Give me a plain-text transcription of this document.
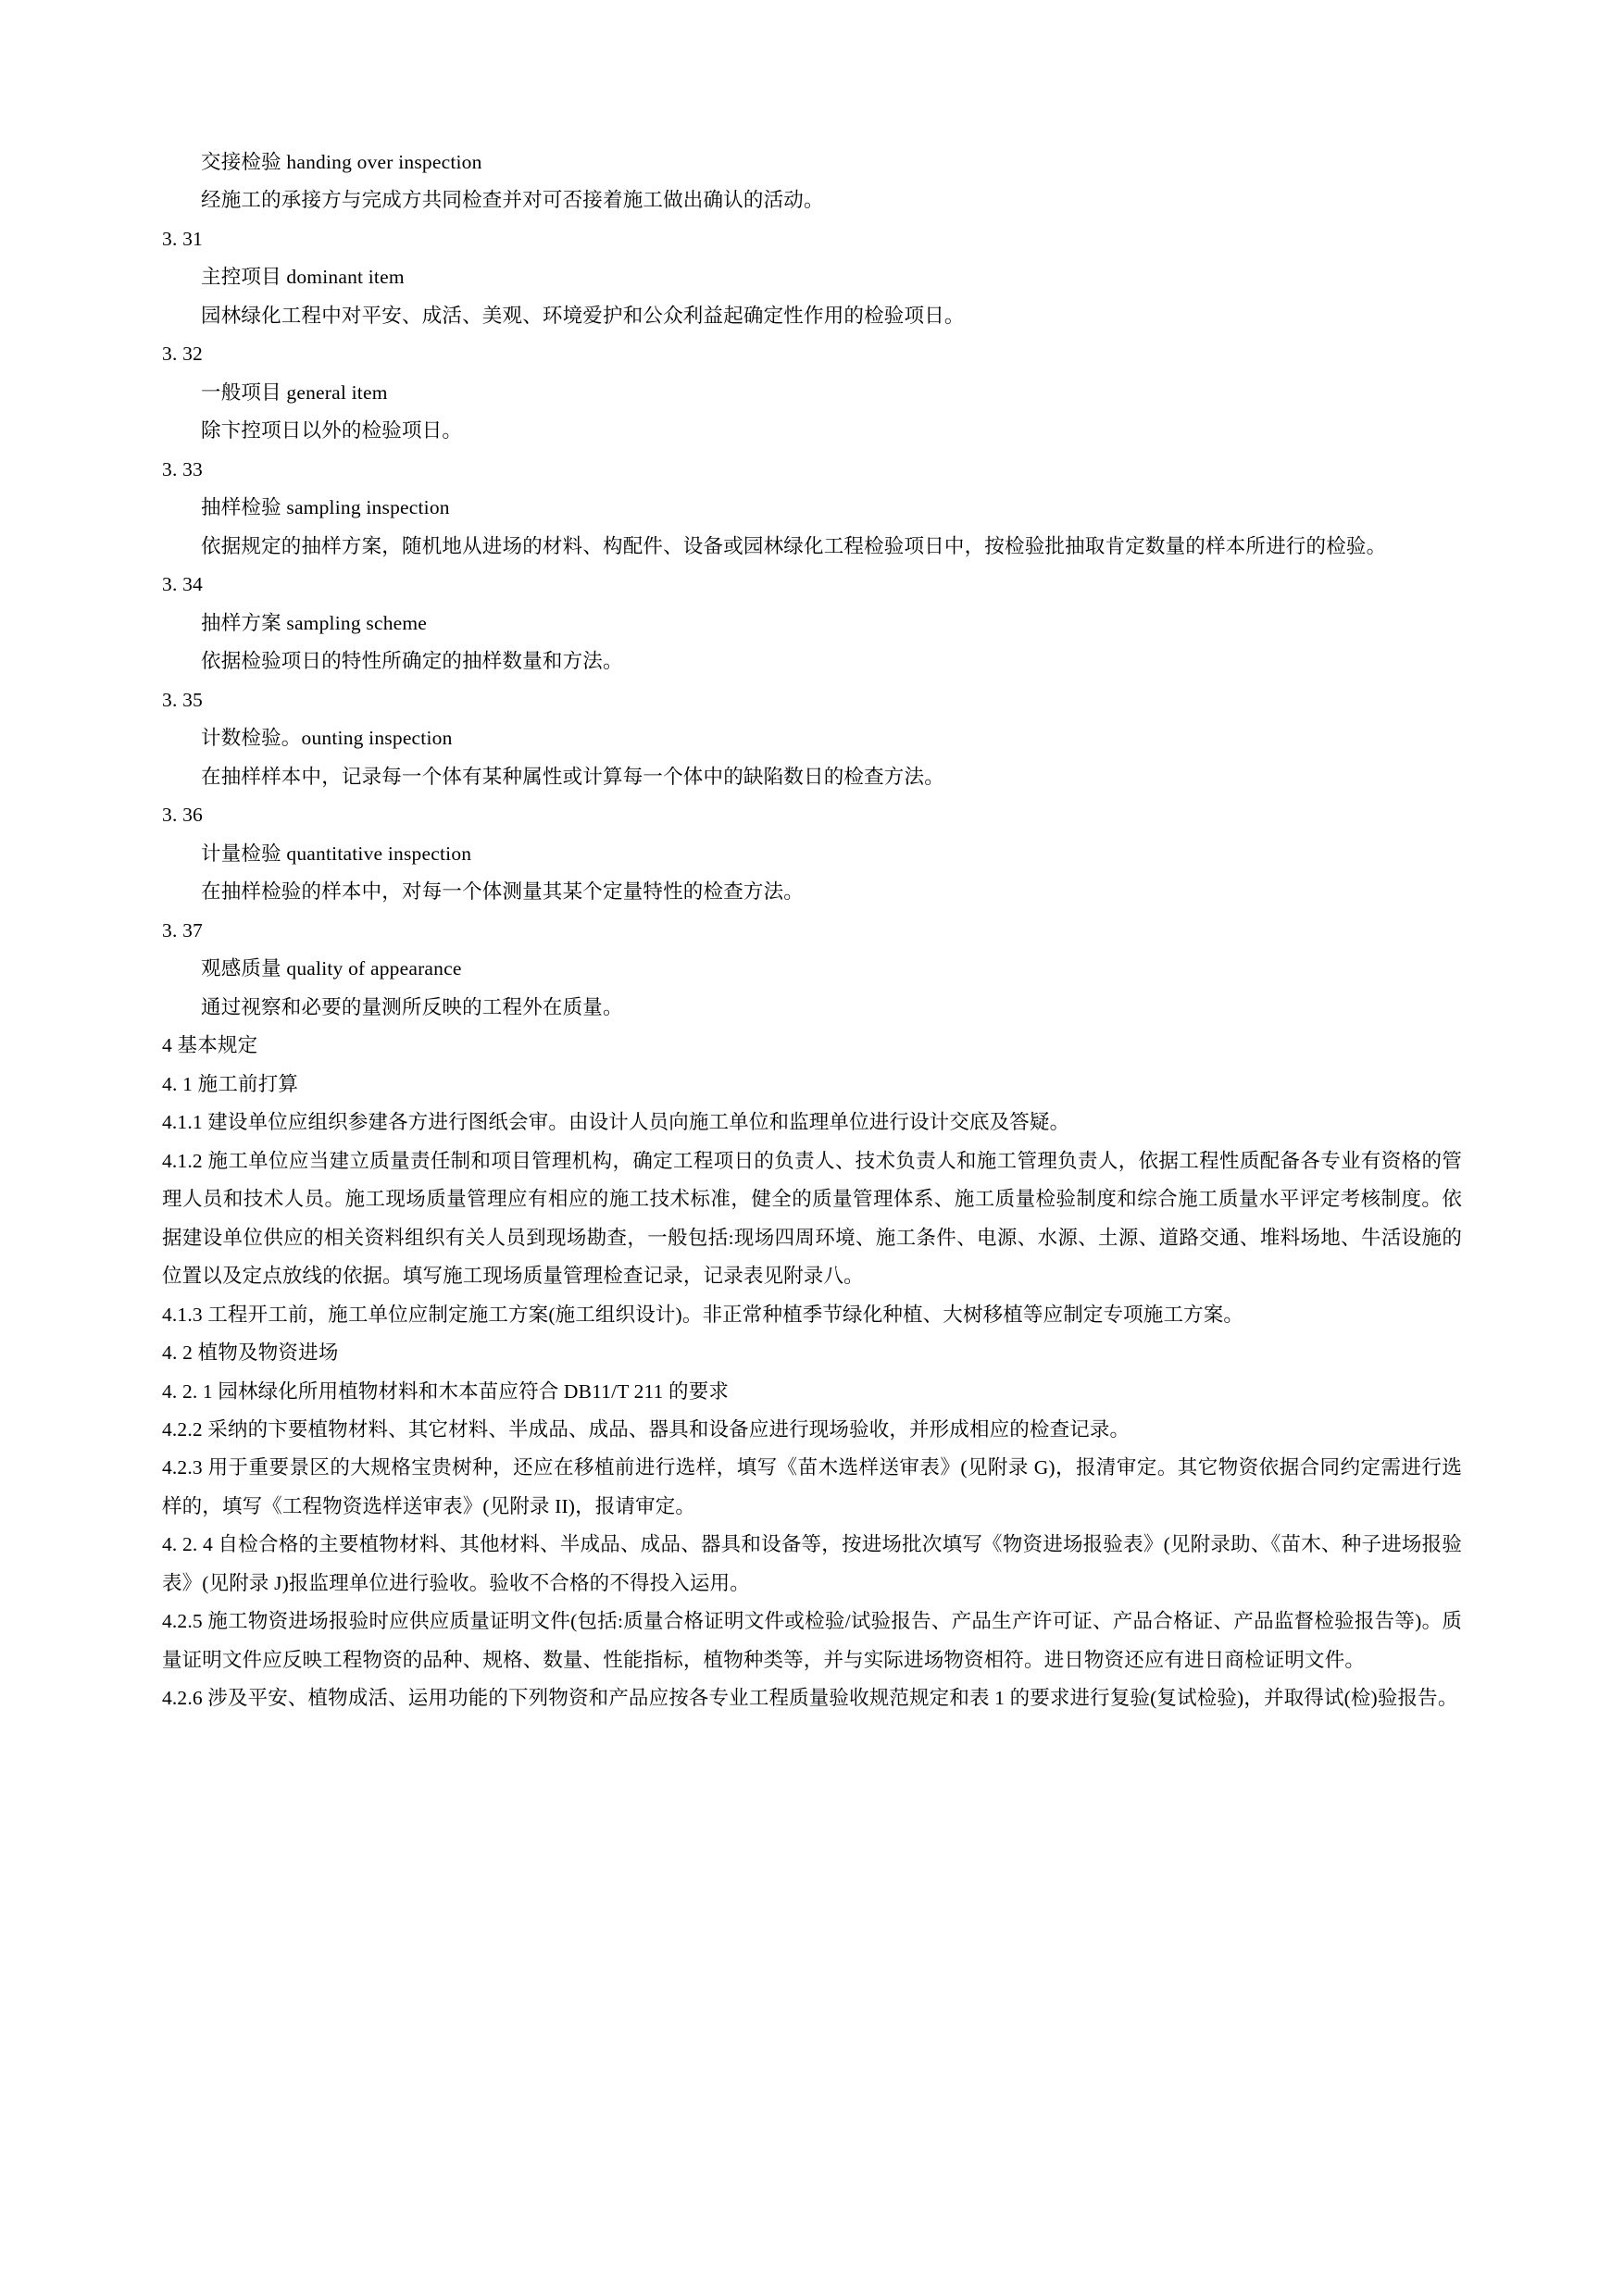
交接检验 handing over inspection

经施工的承接方与完成方共同检查并对可否接着施工做出确认的活动。

3. 31

主控项目 dominant item

园林绿化工程中对平安、成活、美观、环境爱护和公众利益起确定性作用的检验项日。

3. 32

一般项目 general item

除卞控项日以外的检验项日。

3. 33

抽样检验 sampling inspection

依据规定的抽样方案，随机地从进场的材料、构配件、设备或园林绿化工程检验项日中，按检验批抽取肯定数量的样本所进行的检验。

3. 34

抽样方案 sampling scheme

依据检验项日的特性所确定的抽样数量和方法。

3. 35

计数检验。ounting inspection

在抽样样本中，记录每一个体有某种属性或计算每一个体中的缺陷数日的检查方法。

3. 36

计量检验 quantitative inspection

在抽样检验的样本中，对每一个体测量其某个定量特性的检查方法。

3. 37

观感质量 quality of appearance

通过视察和必要的量测所反映的工程外在质量。

4 基本规定

4. 1 施工前打算

4.1.1 建设单位应组织参建各方进行图纸会审。由设计人员向施工单位和监理单位进行设计交底及答疑。

4.1.2 施工单位应当建立质量责任制和项目管理机构，确定工程项日的负责人、技术负责人和施工管理负责人，依据工程性质配备各专业有资格的管理人员和技术人员。施工现场质量管理应有相应的施工技术标准，健全的质量管理体系、施工质量检验制度和综合施工质量水平评定考核制度。依据建设单位供应的相关资料组织有关人员到现场勘查，一般包括:现场四周环境、施工条件、电源、水源、土源、道路交通、堆料场地、牛活设施的位置以及定点放线的依据。填写施工现场质量管理检查记录，记录表见附录八。

4.1.3 工程开工前，施工单位应制定施工方案(施工组织设计)。非正常种植季节绿化种植、大树移植等应制定专项施工方案。

4. 2 植物及物资进场

4. 2. 1 园林绿化所用植物材料和木本苗应符合 DB11/T 211 的要求

4.2.2 采纳的卞要植物材料、其它材料、半成品、成品、器具和设备应进行现场验收，并形成相应的检查记录。

4.2.3 用于重要景区的大规格宝贵树种，还应在移植前进行选样，填写《苗木选样送审表》(见附录 G)，报清审定。其它物资依据合同约定需进行选样的，填写《工程物资选样送审表》(见附录 II)，报请审定。

4. 2. 4 自检合格的主要植物材料、其他材料、半成品、成品、器具和设备等，按进场批次填写《物资进场报验表》(见附录助、《苗木、种子进场报验表》(见附录 J)报监理单位进行验收。验收不合格的不得投入运用。

4.2.5 施工物资进场报验时应供应质量证明文件(包括:质量合格证明文件或检验/试验报告、产品生产许可证、产品合格证、产品监督检验报告等)。质量证明文件应反映工程物资的品种、规格、数量、性能指标，植物种类等，并与实际进场物资相符。进日物资还应有进日商检证明文件。

4.2.6 涉及平安、植物成活、运用功能的下列物资和产品应按各专业工程质量验收规范规定和表 1 的要求进行复验(复试检验)，并取得试(检)验报告。
